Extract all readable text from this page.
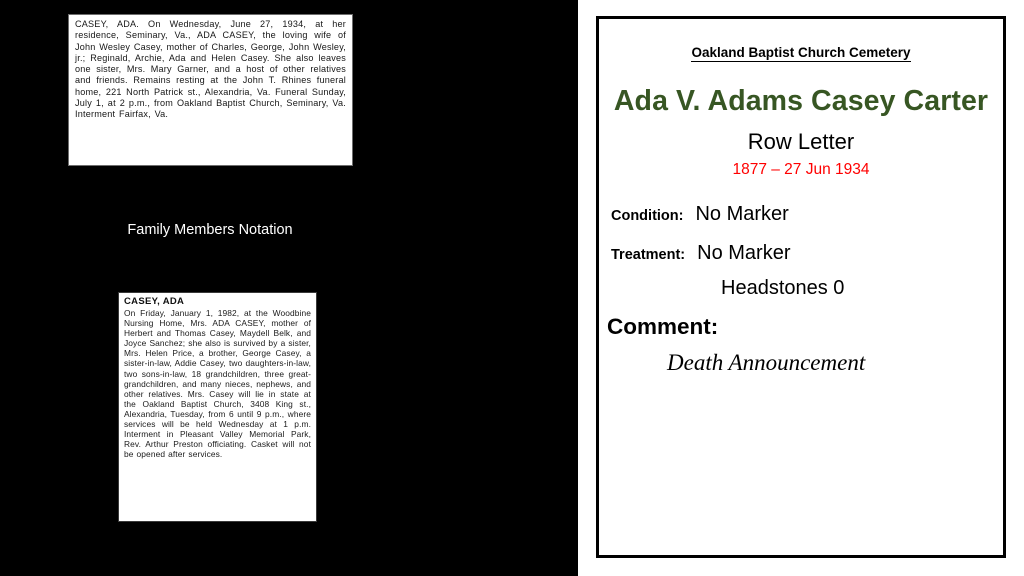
CASEY, ADA. On Wednesday, June 27, 1934, at her residence, Seminary, Va., ADA CASEY, the loving wife of John Wesley Casey, mother of Charles, George, John Wesley, jr.; Reginald, Archie, Ada and Helen Casey. She also leaves one sister, Mrs. Mary Garner, and a host of other relatives and friends. Remains resting at the John T. Rhines funeral home, 221 North Patrick st., Alexandria, Va. Funeral Sunday, July 1, at 2 p.m., from Oakland Baptist Church, Seminary, Va. Interment Fairfax, Va.
Family Members Notation
CASEY, ADA
On Friday, January 1, 1982, at the Woodbine Nursing Home, Mrs. ADA CASEY, mother of Herbert and Thomas Casey, Maydell Belk, and Joyce Sanchez; she also is survived by a sister, Mrs. Helen Price, a brother, George Casey, a sister-in-law, Addie Casey, two daughters-in-law, two sons-in-law, 18 grandchildren, three great-grandchildren, and many nieces, nephews, and other relatives. Mrs. Casey will lie in state at the Oakland Baptist Church, 3408 King st., Alexandria, Tuesday, from 6 until 9 p.m., where services will be held Wednesday at 1 p.m. Interment in Pleasant Valley Memorial Park, Rev. Arthur Preston officiating. Casket will not be opened after services.
Oakland Baptist Church Cemetery
Ada V. Adams Casey Carter
Row Letter
1877 – 27 Jun 1934
Condition: No Marker
Treatment: No Marker
Headstones 0
Comment:
Death Announcement
